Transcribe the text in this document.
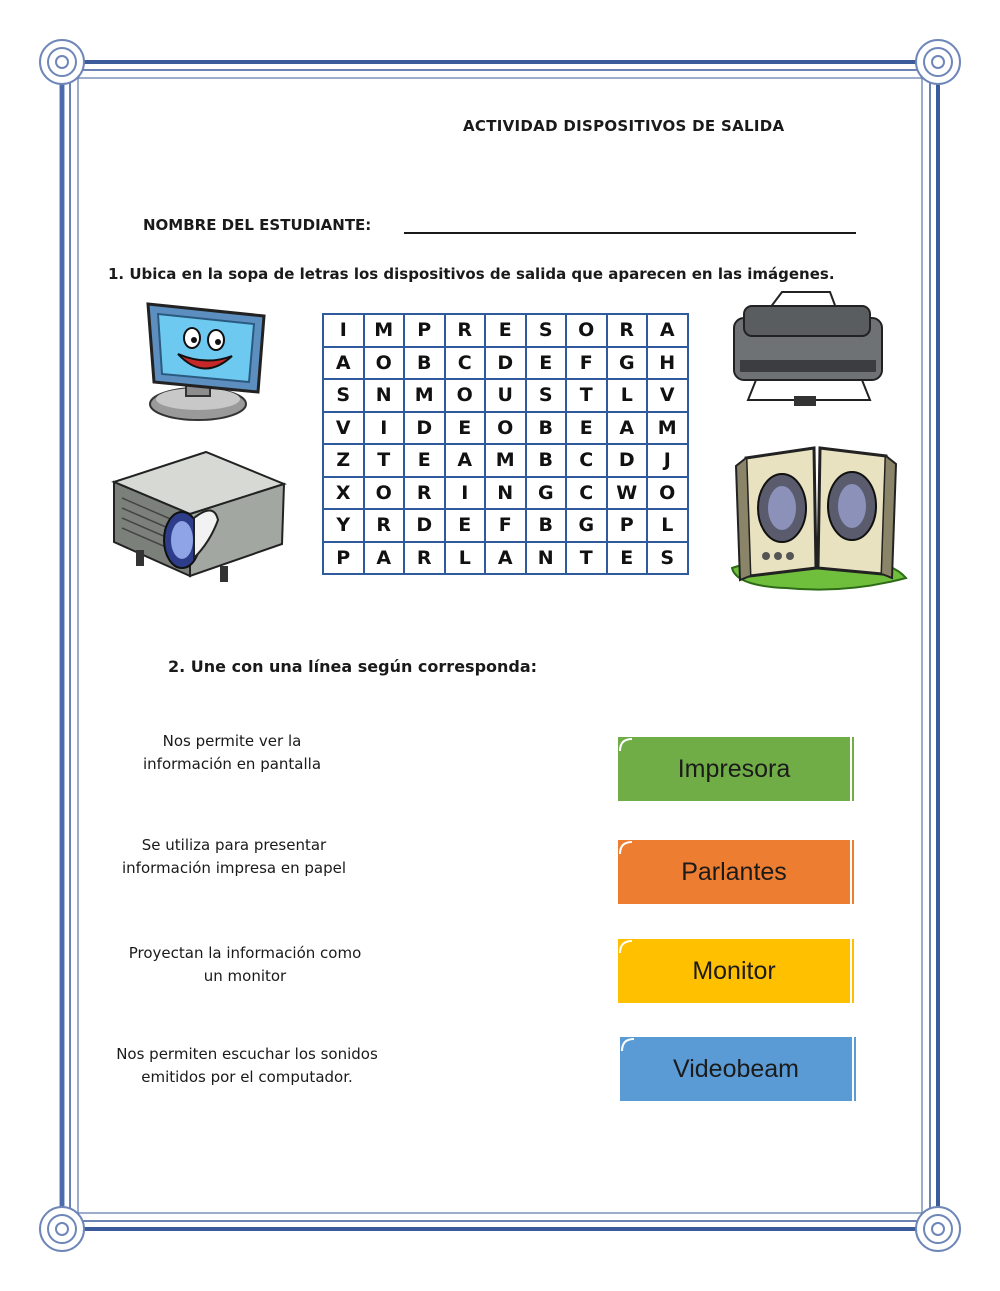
ACTIVIDAD DISPOSITIVOS DE SALIDA
NOMBRE DEL ESTUDIANTE:
1. Ubica en la sopa de letras los dispositivos de salida que aparecen en las imágenes.
I	M	P	R	E	S	O	R	A
A	O	B	C	D	E	F	G	H
S	N	M	O	U	S	T	L	V
V	I	D	E	O	B	E	A	M
Z	T	E	A	M	B	C	D	J
X	O	R	I	N	G	C	W	O
Y	R	D	E	F	B	G	P	L
P	A	R	L	A	N	T	E	S
2. Une con una línea según corresponda:
Nos permite ver la
información en pantalla
Se utiliza para presentar
información impresa en papel
Proyectan la información como
un monitor
Nos permiten escuchar los sonidos
emitidos por el computador.
Impresora
Parlantes
Monitor
Videobeam
